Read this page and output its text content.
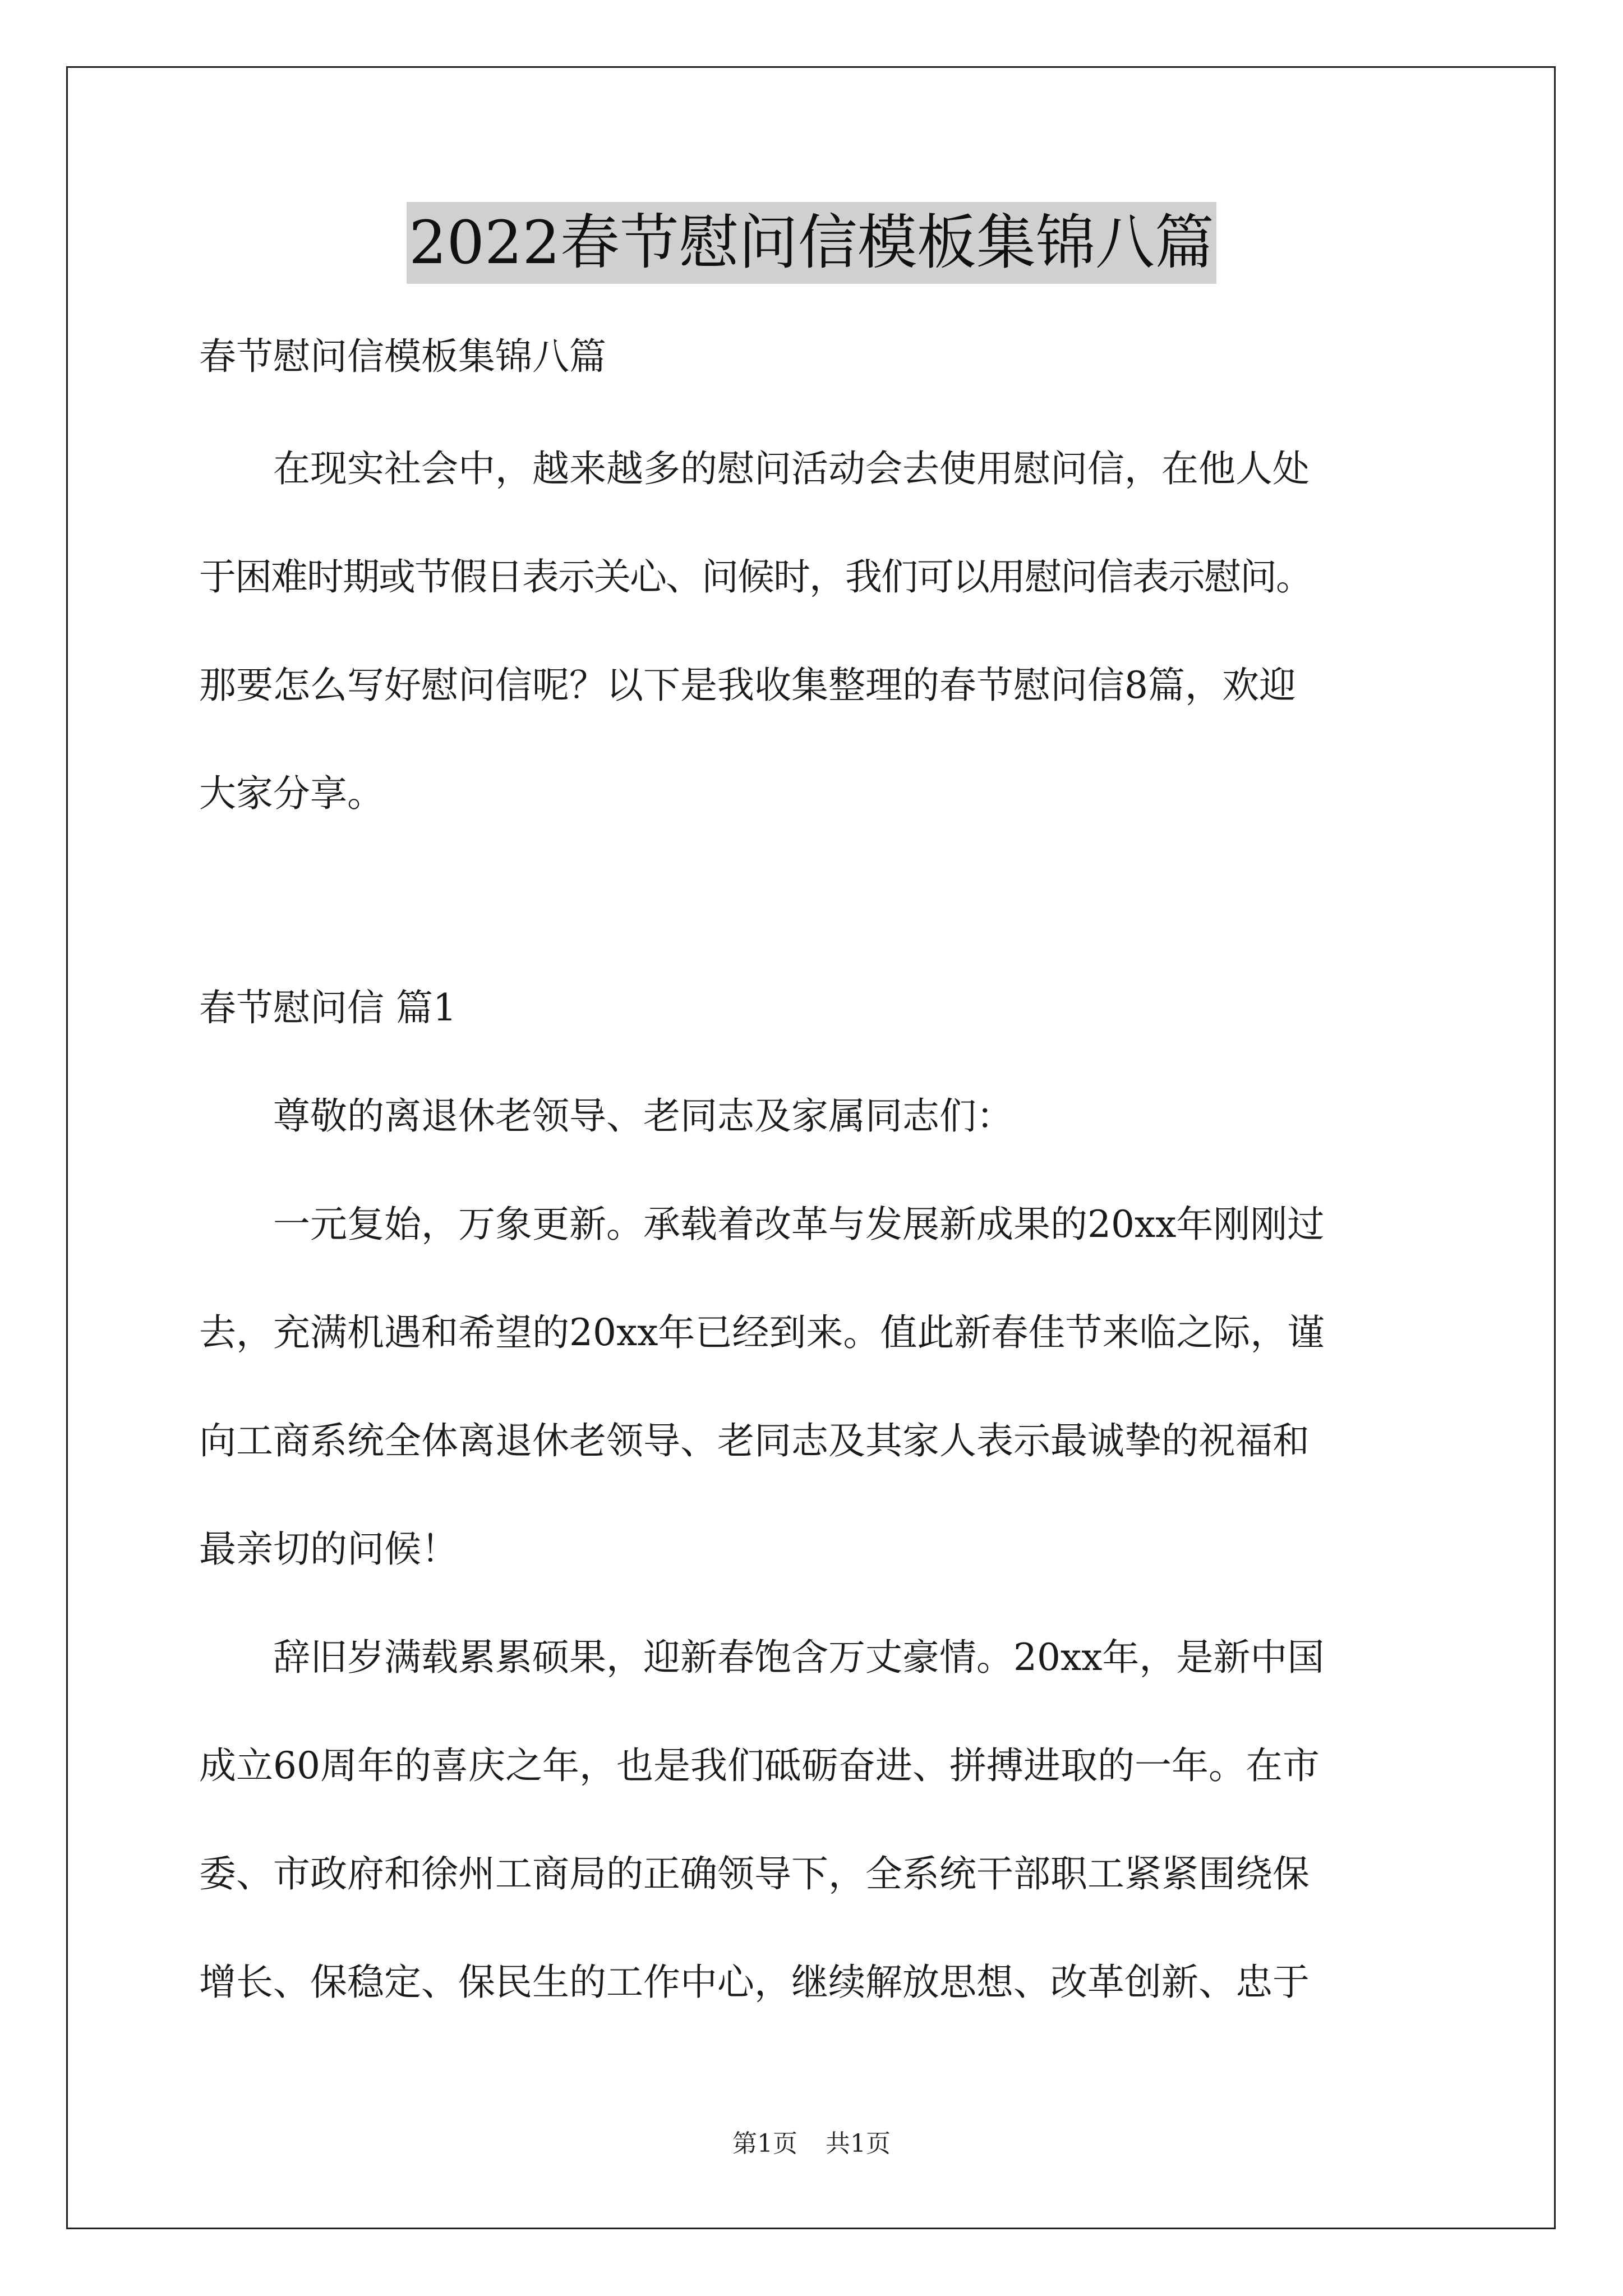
2022春节慰问信模板集锦八篇

春节慰问信模板集锦八篇

在现实社会中，越来越多的慰问活动会去使用慰问信，在他人处

于困难时期或节假日表示关心、问候时，我们可以用慰问信表示慰问。

那要怎么写好慰问信呢？以下是我收集整理的春节慰问信8篇，欢迎

大家分享。

春节慰问信 篇1

尊敬的离退休老领导、老同志及家属同志们：

一元复始，万象更新。承载着改革与发展新成果的20xx年刚刚过

去，充满机遇和希望的20xx年已经到来。值此新春佳节来临之际，谨

向工商系统全体离退休老领导、老同志及其家人表示最诚挚的祝福和

最亲切的问候！

辞旧岁满载累累硕果，迎新春饱含万丈豪情。20xx年，是新中国

成立60周年的喜庆之年，也是我们砥砺奋进、拼搏进取的一年。在市

委、市政府和徐州工商局的正确领导下，全系统干部职工紧紧围绕保

增长、保稳定、保民生的工作中心，继续解放思想、改革创新、忠于

第1页 共1页
